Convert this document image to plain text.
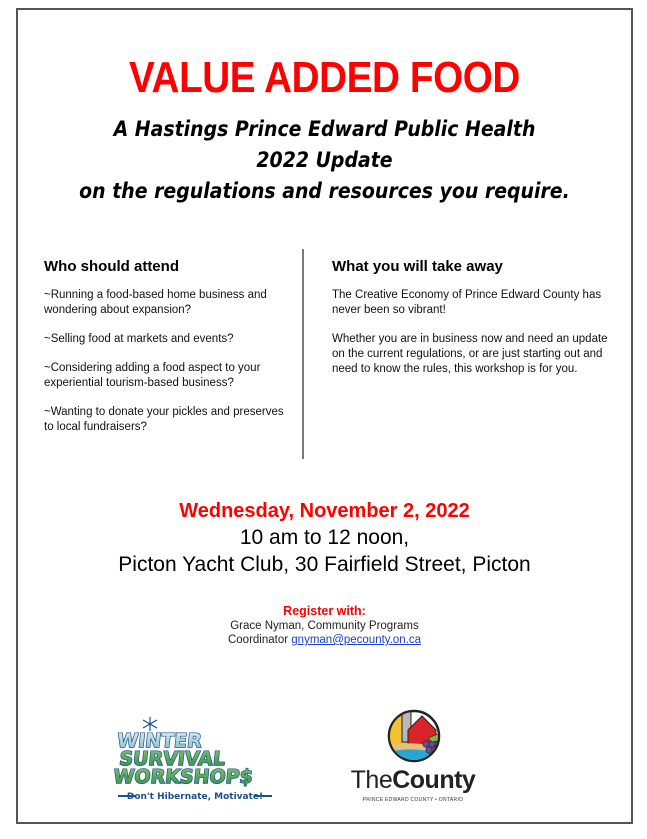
VALUE ADDED FOOD
A Hastings Prince Edward Public Health
2022 Update
on the regulations and resources you require.
Who should attend

~Running a food-based home business and wondering about expansion?

~Selling food at markets and events?

~Considering adding a food aspect to your experiential tourism-based business?

~Wanting to donate your pickles and preserves to local fundraisers?

What you will take away

The Creative Economy of Prince Edward County has never been so vibrant!

Whether you are in business now and need an update on the current regulations, or are just starting out and need to know the rules, this workshop is for you.

Wednesday, November 2, 2022
10 am to 12 noon,
Picton Yacht Club, 30 Fairfield Street, Picton
Register with:
Grace Nyman, Community Programs
Coordinator gnyman@pecounty.on.ca
WINTER
SURVIVAL
WORKSHOP$
Don't Hibernate, Motivate!
TheCounty
PRINCE EDWARD COUNTY • ONTARIO
